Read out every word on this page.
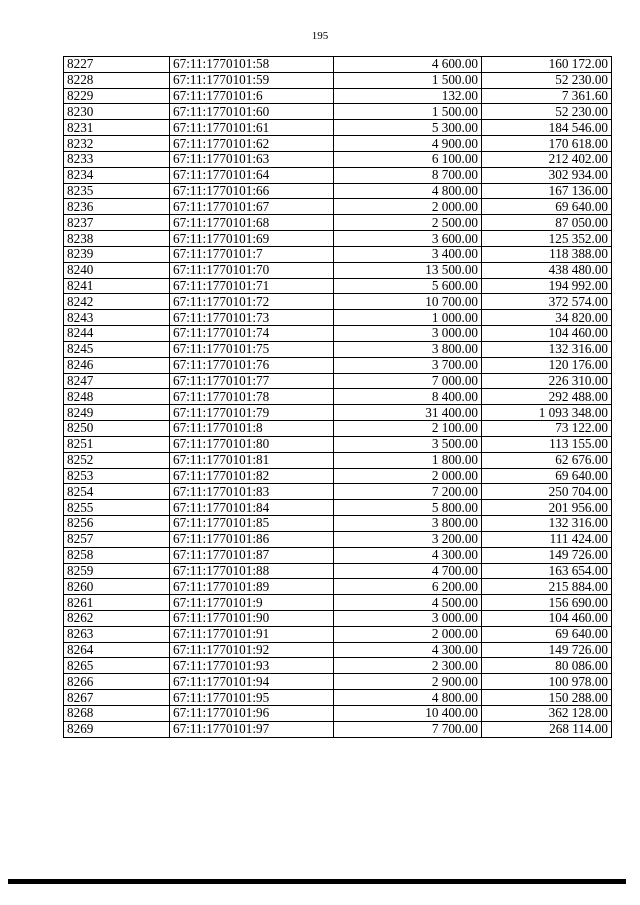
195
8227	67:11:1770101:58	4 600.00	160 172.00
8228	67:11:1770101:59	1 500.00	52 230.00
8229	67:11:1770101:6	132.00	7 361.60
8230	67:11:1770101:60	1 500.00	52 230.00
8231	67:11:1770101:61	5 300.00	184 546.00
8232	67:11:1770101:62	4 900.00	170 618.00
8233	67:11:1770101:63	6 100.00	212 402.00
8234	67:11:1770101:64	8 700.00	302 934.00
8235	67:11:1770101:66	4 800.00	167 136.00
8236	67:11:1770101:67	2 000.00	69 640.00
8237	67:11:1770101:68	2 500.00	87 050.00
8238	67:11:1770101:69	3 600.00	125 352.00
8239	67:11:1770101:7	3 400.00	118 388.00
8240	67:11:1770101:70	13 500.00	438 480.00
8241	67:11:1770101:71	5 600.00	194 992.00
8242	67:11:1770101:72	10 700.00	372 574.00
8243	67:11:1770101:73	1 000.00	34 820.00
8244	67:11:1770101:74	3 000.00	104 460.00
8245	67:11:1770101:75	3 800.00	132 316.00
8246	67:11:1770101:76	3 700.00	120 176.00
8247	67:11:1770101:77	7 000.00	226 310.00
8248	67:11:1770101:78	8 400.00	292 488.00
8249	67:11:1770101:79	31 400.00	1 093 348.00
8250	67:11:1770101:8	2 100.00	73 122.00
8251	67:11:1770101:80	3 500.00	113 155.00
8252	67:11:1770101:81	1 800.00	62 676.00
8253	67:11:1770101:82	2 000.00	69 640.00
8254	67:11:1770101:83	7 200.00	250 704.00
8255	67:11:1770101:84	5 800.00	201 956.00
8256	67:11:1770101:85	3 800.00	132 316.00
8257	67:11:1770101:86	3 200.00	111 424.00
8258	67:11:1770101:87	4 300.00	149 726.00
8259	67:11:1770101:88	4 700.00	163 654.00
8260	67:11:1770101:89	6 200.00	215 884.00
8261	67:11:1770101:9	4 500.00	156 690.00
8262	67:11:1770101:90	3 000.00	104 460.00
8263	67:11:1770101:91	2 000.00	69 640.00
8264	67:11:1770101:92	4 300.00	149 726.00
8265	67:11:1770101:93	2 300.00	80 086.00
8266	67:11:1770101:94	2 900.00	100 978.00
8267	67:11:1770101:95	4 800.00	150 288.00
8268	67:11:1770101:96	10 400.00	362 128.00
8269	67:11:1770101:97	7 700.00	268 114.00
